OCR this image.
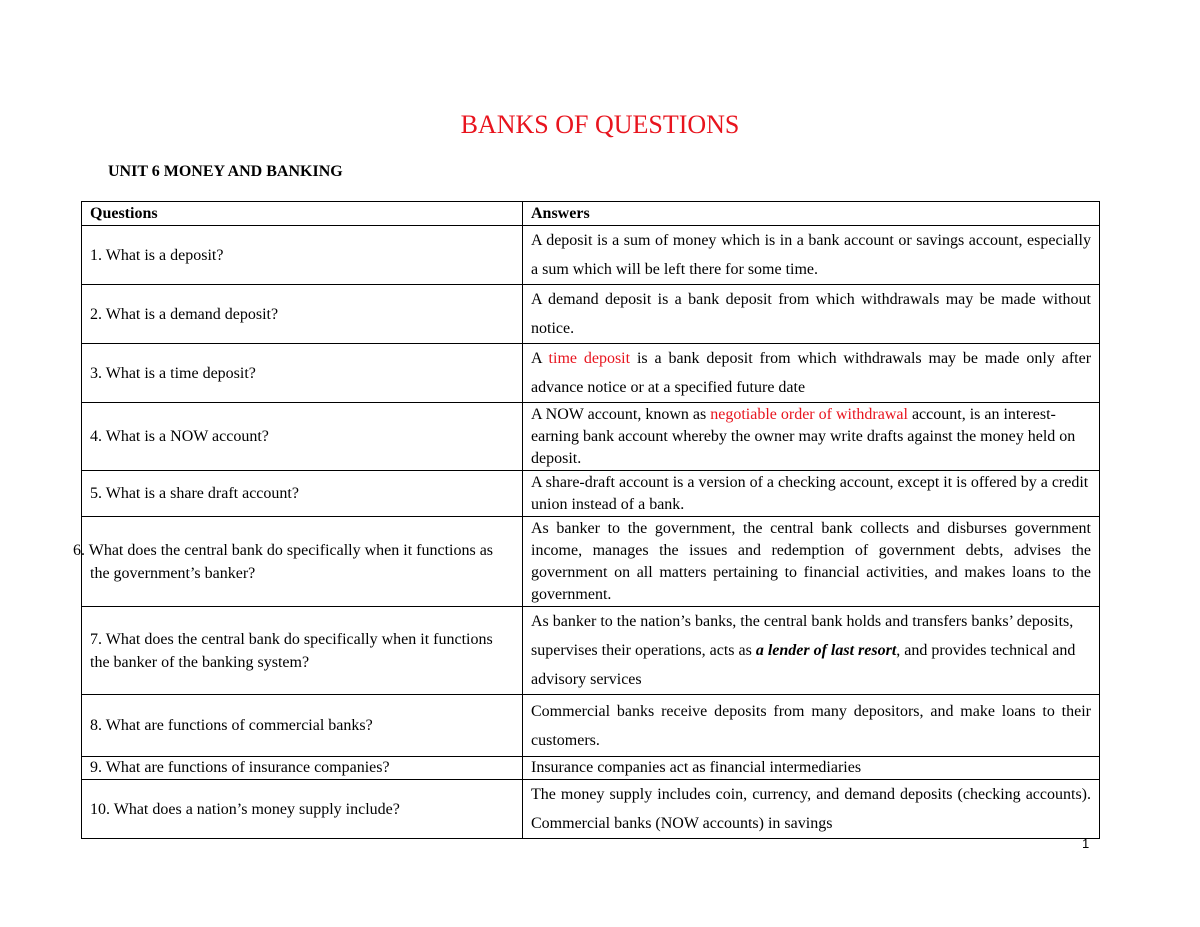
BANKS OF QUESTIONS
UNIT 6 MONEY AND BANKING
Questions	Answers
1. What is a deposit?	A deposit is a sum of money which is in a bank account or savings account, especially a sum which will be left there for some time.
2. What is a demand deposit?	A demand deposit is a bank deposit from which withdrawals may be made without notice.
3. What is a time deposit?	A time deposit is a bank deposit from which withdrawals may be made only after advance notice or at a specified future date
4. What is a NOW account?	A NOW account, known as negotiable order of withdrawal account, is an interest-earning bank account whereby the owner may write drafts against the money held on deposit.
5. What is a share draft account?	A share-draft account is a version of a checking account, except it is offered by a credit union instead of a bank.
6. What does the central bank do specifically when it functions as the government’s banker?	As banker to the government, the central bank collects and disburses government income, manages the issues and redemption of government debts, advises the government on all matters pertaining to financial activities, and makes loans to the government.
7. What does the central bank do specifically when it functions the banker of the banking system?	As banker to the nation’s banks, the central bank holds and transfers banks’ deposits, supervises their operations, acts as a lender of last resort, and provides technical and advisory services
8. What are functions of commercial banks?	Commercial banks receive deposits from many depositors, and make loans to their customers.
9. What are functions of insurance companies?	Insurance companies act as financial intermediaries
10. What does a nation’s money supply include?	The money supply includes coin, currency, and demand deposits (checking accounts). Commercial banks (NOW accounts) in savings
1
